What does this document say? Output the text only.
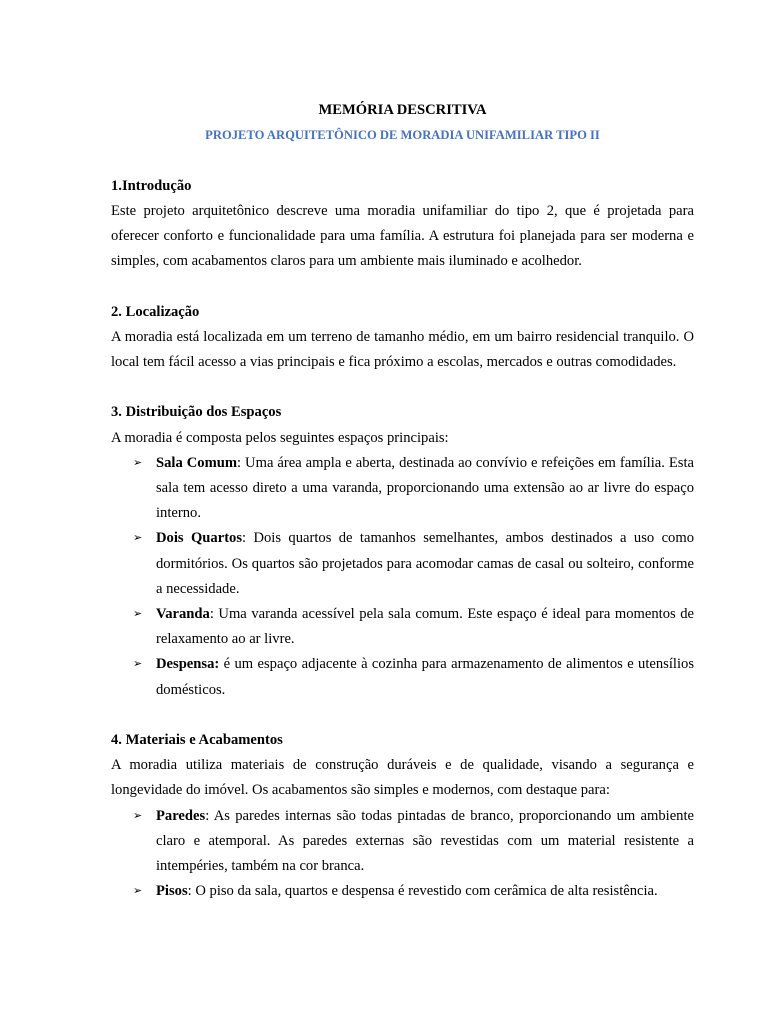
MEMÓRIA DESCRITIVA

PROJETO ARQUITETÔNICO DE MORADIA UNIFAMILIAR TIPO II

1.Introdução

Este projeto arquitetônico descreve uma moradia unifamiliar do tipo 2, que é projetada para oferecer conforto e funcionalidade para uma família. A estrutura foi planejada para ser moderna e simples, com acabamentos claros para um ambiente mais iluminado e acolhedor.

2. Localização

A moradia está localizada em um terreno de tamanho médio, em um bairro residencial tranquilo. O local tem fácil acesso a vias principais e fica próximo a escolas, mercados e outras comodidades.

3. Distribuição dos Espaços

A moradia é composta pelos seguintes espaços principais:

➢ Sala Comum: Uma área ampla e aberta, destinada ao convívio e refeições em família. Esta sala tem acesso direto a uma varanda, proporcionando uma extensão ao ar livre do espaço interno.
➢ Dois Quartos: Dois quartos de tamanhos semelhantes, ambos destinados a uso como dormitórios. Os quartos são projetados para acomodar camas de casal ou solteiro, conforme a necessidade.
➢ Varanda: Uma varanda acessível pela sala comum. Este espaço é ideal para momentos de relaxamento ao ar livre.
➢ Despensa: é um espaço adjacente à cozinha para armazenamento de alimentos e utensílios domésticos.

4. Materiais e Acabamentos

A moradia utiliza materiais de construção duráveis e de qualidade, visando a segurança e longevidade do imóvel. Os acabamentos são simples e modernos, com destaque para:

➢ Paredes: As paredes internas são todas pintadas de branco, proporcionando um ambiente claro e atemporal. As paredes externas são revestidas com um material resistente a intempéries, também na cor branca.
➢ Pisos: O piso da sala, quartos e despensa é revestido com cerâmica de alta resistência.
